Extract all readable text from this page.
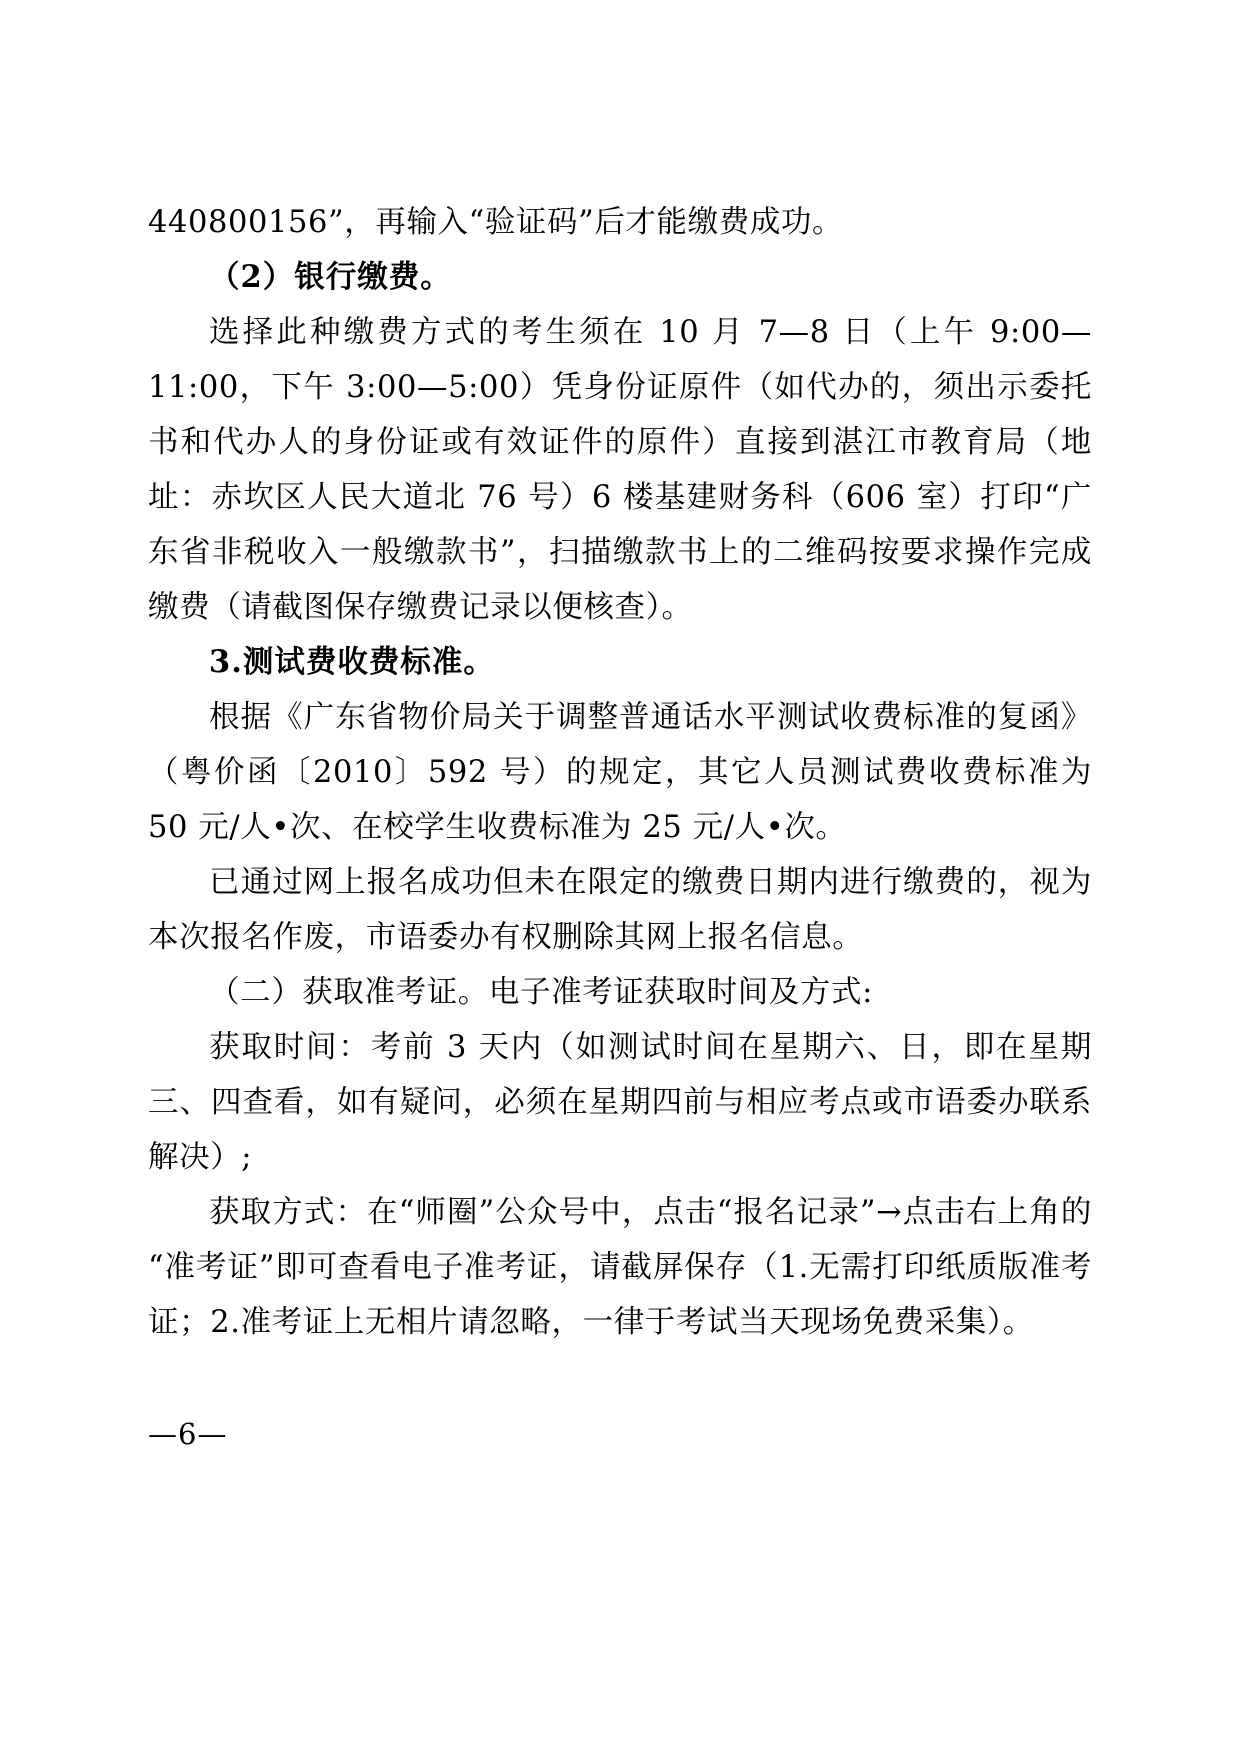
440800156”，再输入“验证码”后才能缴费成功。

（2）银行缴费。

选择此种缴费方式的考生须在 10 月 7—8 日（上午 9:00—11:00，下午 3:00—5:00）凭身份证原件（如代办的，须出示委托书和代办人的身份证或有效证件的原件）直接到湛江市教育局（地址：赤坎区人民大道北 76 号）6 楼基建财务科（606 室）打印“广东省非税收入一般缴款书”，扫描缴款书上的二维码按要求操作完成缴费（请截图保存缴费记录以便核查）。

3.测试费收费标准。

根据《广东省物价局关于调整普通话水平测试收费标准的复函》（粤价函〔2010〕592 号）的规定，其它人员测试费收费标准为 50 元/人•次、在校学生收费标准为 25 元/人•次。

已通过网上报名成功但未在限定的缴费日期内进行缴费的，视为本次报名作废，市语委办有权删除其网上报名信息。

（二）获取准考证。电子准考证获取时间及方式:

获取时间：考前 3 天内（如测试时间在星期六、日，即在星期三、四查看，如有疑问，必须在星期四前与相应考点或市语委办联系解决）;

获取方式：在“师圈”公众号中，点击“报名记录”→点击右上角的“准考证”即可查看电子准考证，请截屏保存（1.无需打印纸质版准考证；2.准考证上无相片请忽略，一律于考试当天现场免费采集）。

—6—
